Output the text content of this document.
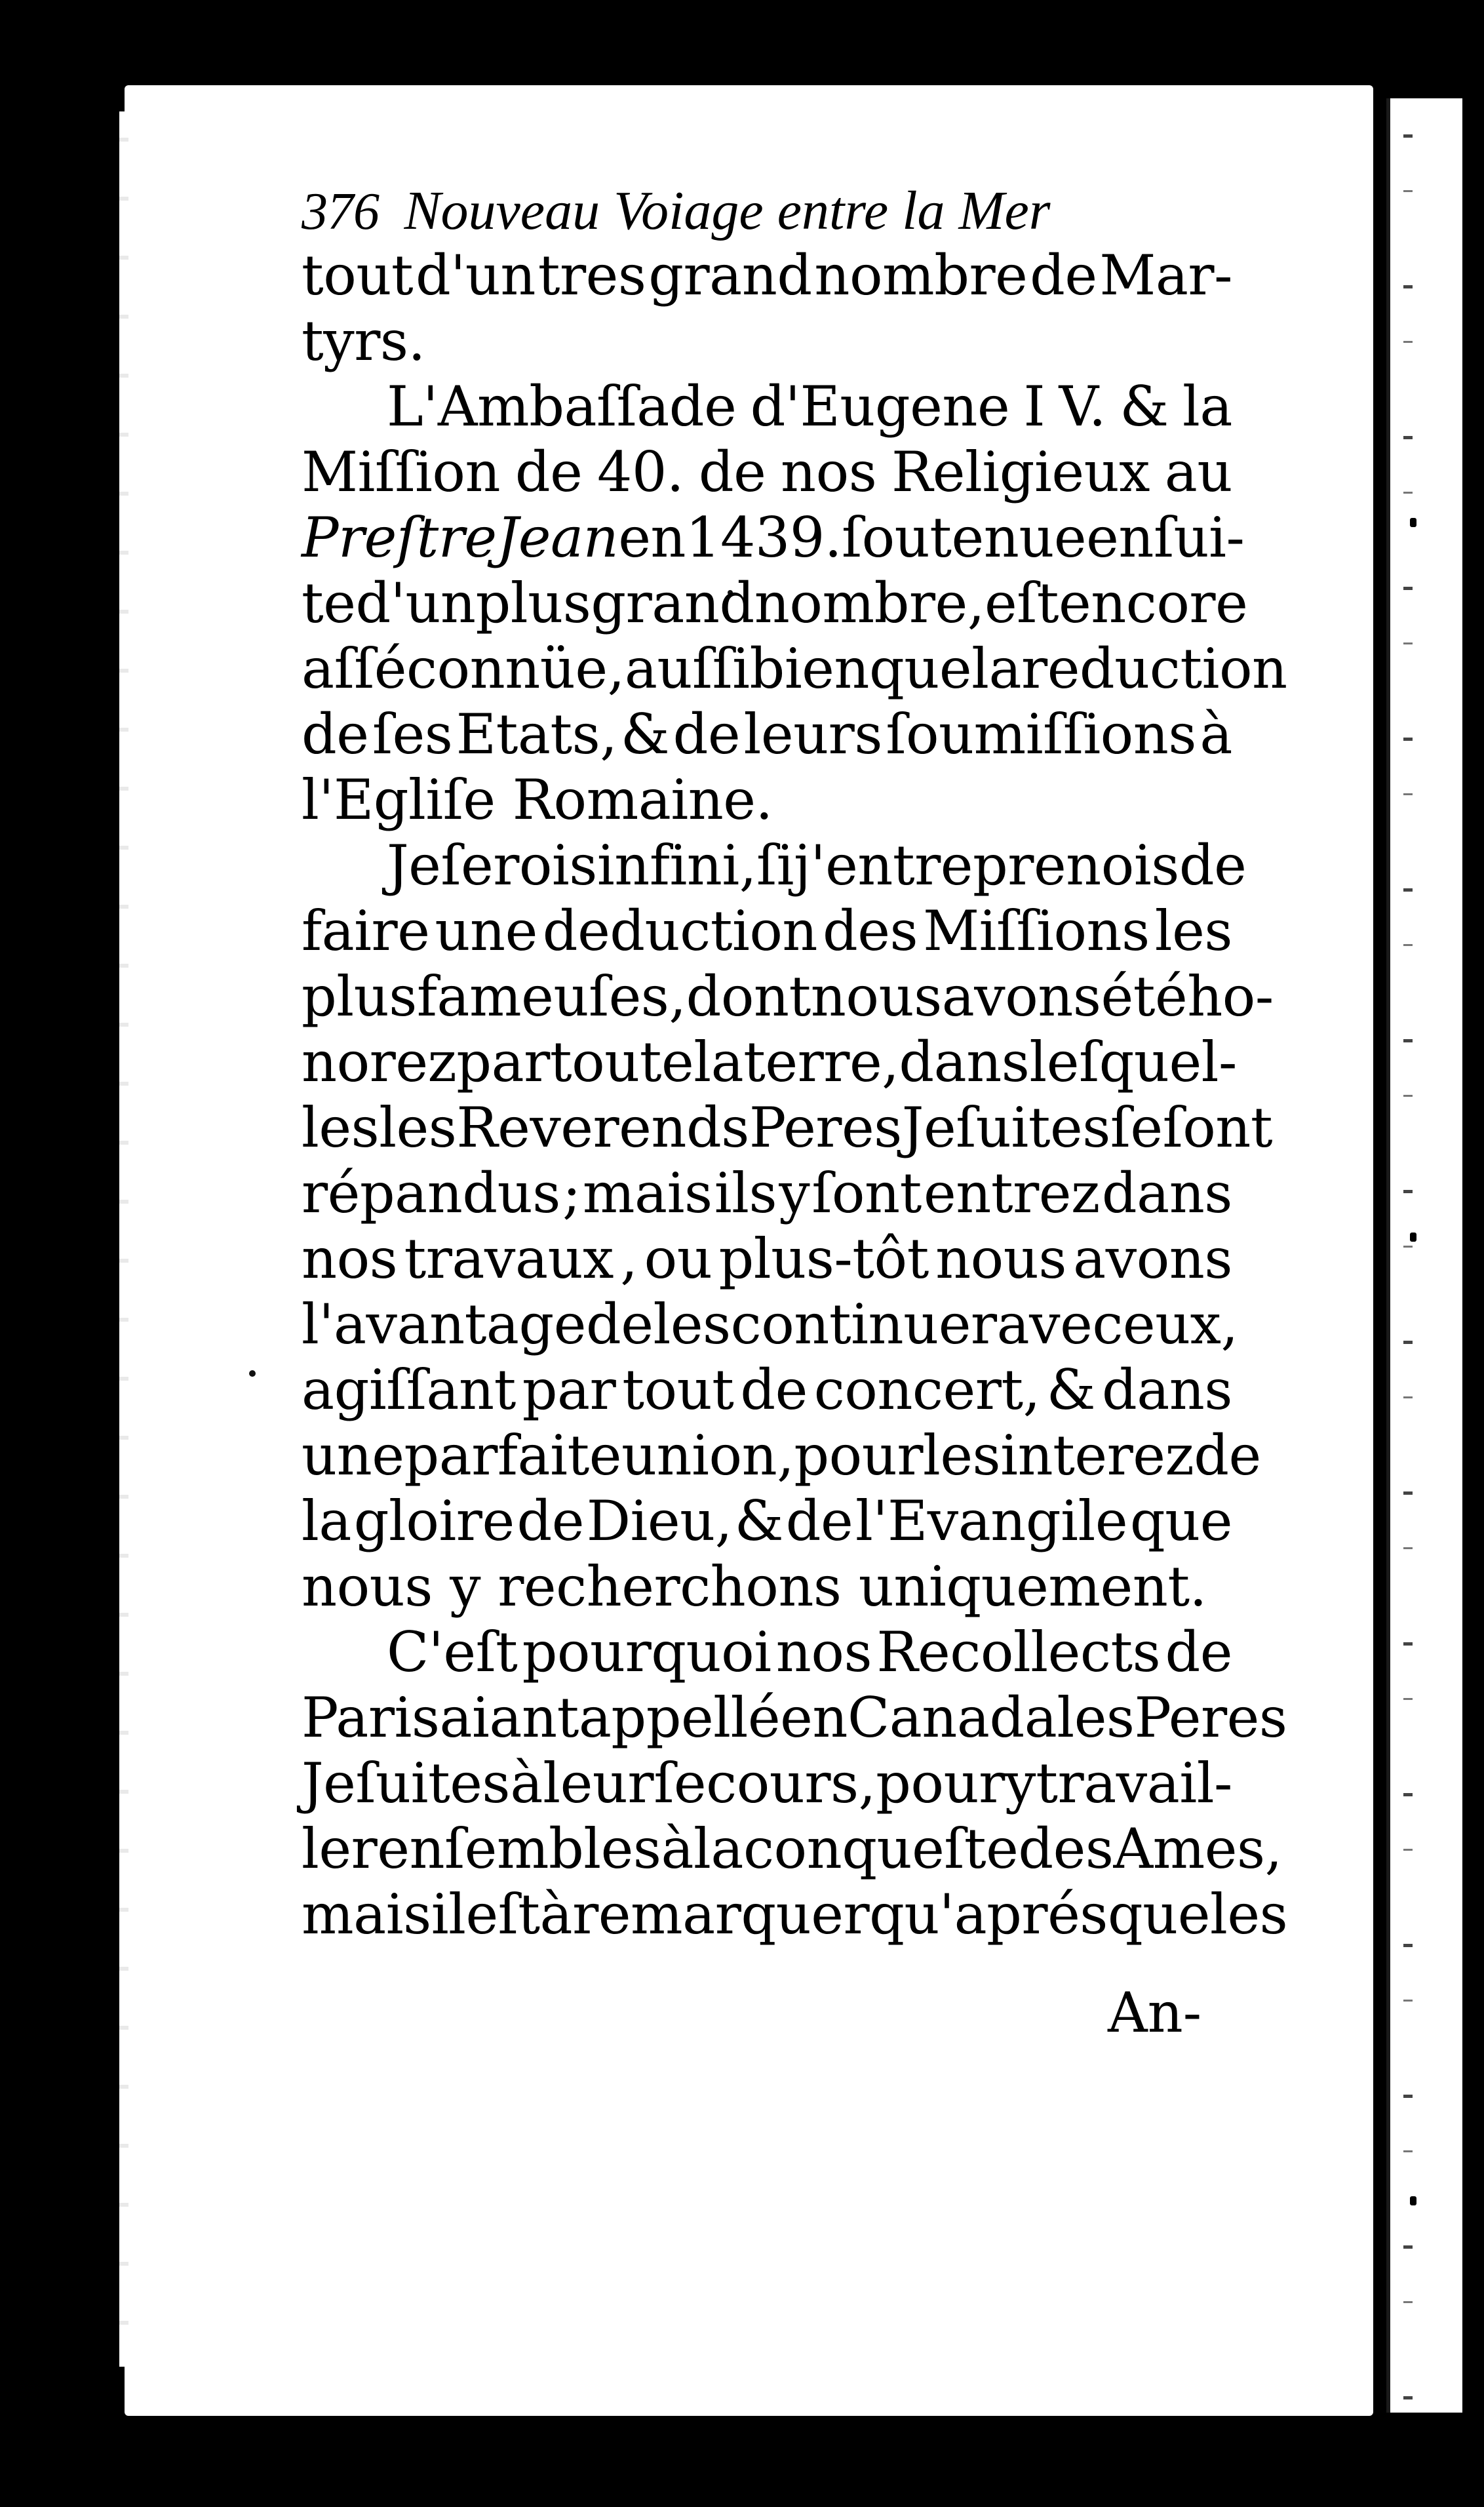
376 Nouveau Voiage entre la Mer
tout d'un tres grand nombre de Mar-
tyrs.
L'Ambaſſade d'Eugene I V. & la
Miſſion de 40. de nos Religieux au
Preſtre Jean en 1439. ſoutenue en ſui-
te d'un plus grand nombre, eſt encore
aſſé connüe, auſſi bien que la reduction
de ſes Etats, & de leurs ſoumiſſions à
l'Egliſe Romaine.
Je ſerois infini, ſi j'entreprenois de
faire une deduction des Miſſions les
plus fameuſes,dont nous avons été ho-
norez par toute la terre, dans leſquel-
les les Reverends Peres Jeſuites ſe ſont
répandus ; mais ils y ſont entrez dans
nos travaux , ou plus-tôt nous avons
l'avantage de les continuer avec eux,
agiſſant par tout de concert, & dans
une parfaite union, pour les interez de
la gloire de Dieu, & de l'Evangile que
nous y recherchons uniquement.
C'eſt pourquoi nos Recollects de
Paris aiant appellé en Canada les Peres
Jeſuites à leur ſecours, pour y travail-
ler enſembles à la conqueſte des Ames,
mais il eſt à remarquer qu'aprés que les
An-
